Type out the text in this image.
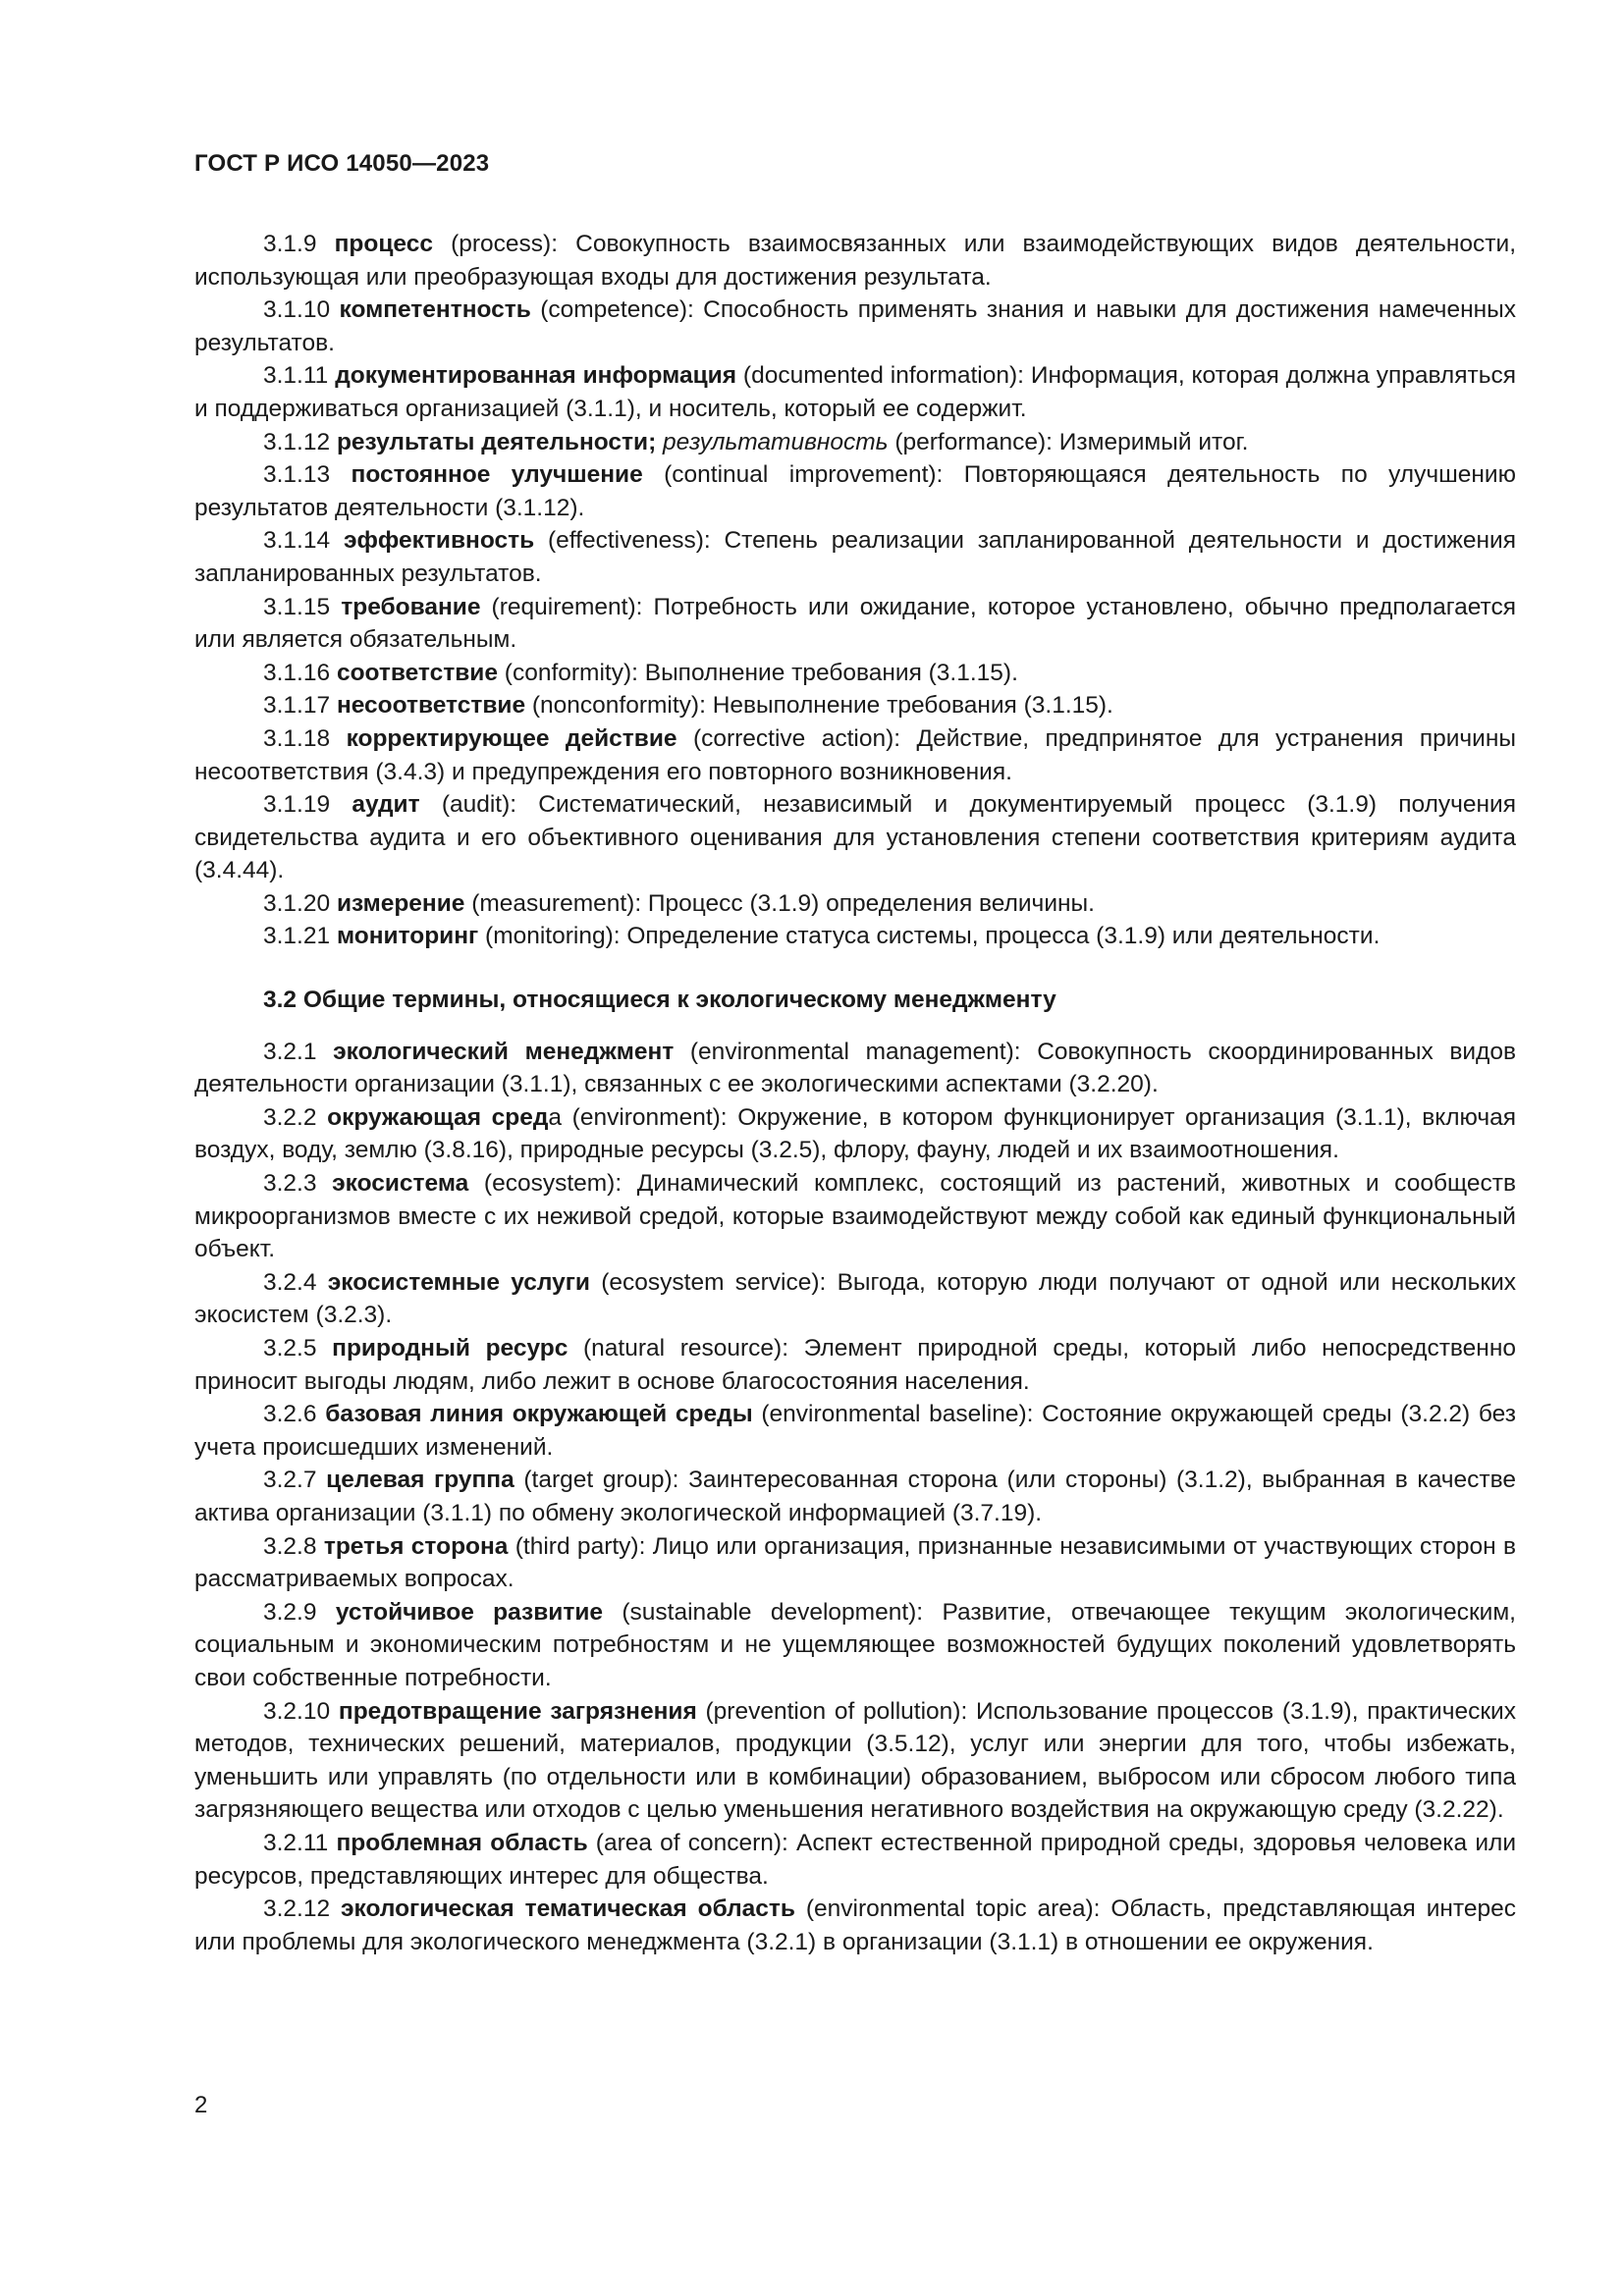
ГОСТ Р ИСО 14050—2023

3.1.9 процесс (process): Совокупность взаимосвязанных или взаимодействующих видов деятельности, использующая или преобразующая входы для достижения результата.

3.1.10 компетентность (competence): Способность применять знания и навыки для достижения намеченных результатов.

3.1.11 документированная информация (documented information): Информация, которая должна управляться и поддерживаться организацией (3.1.1), и носитель, который ее содержит.

3.1.12 результаты деятельности; результативность (performance): Измеримый итог.

3.1.13 постоянное улучшение (continual improvement): Повторяющаяся деятельность по улучшению результатов деятельности (3.1.12).

3.1.14 эффективность (effectiveness): Степень реализации запланированной деятельности и достижения запланированных результатов.

3.1.15 требование (requirement): Потребность или ожидание, которое установлено, обычно предполагается или является обязательным.

3.1.16 соответствие (conformity): Выполнение требования (3.1.15).

3.1.17 несоответствие (nonconformity): Невыполнение требования (3.1.15).

3.1.18 корректирующее действие (corrective action): Действие, предпринятое для устранения причины несоответствия (3.4.3) и предупреждения его повторного возникновения.

3.1.19 аудит (audit): Систематический, независимый и документируемый процесс (3.1.9) получения свидетельства аудита и его объективного оценивания для установления степени соответствия критериям аудита (3.4.44).

3.1.20 измерение (measurement): Процесс (3.1.9) определения величины.

3.1.21 мониторинг (monitoring): Определение статуса системы, процесса (3.1.9) или деятельности.

3.2 Общие термины, относящиеся к экологическому менеджменту

3.2.1 экологический менеджмент (environmental management): Совокупность скоординированных видов деятельности организации (3.1.1), связанных с ее экологическими аспектами (3.2.20).

3.2.2 окружающая среда (environment): Окружение, в котором функционирует организация (3.1.1), включая воздух, воду, землю (3.8.16), природные ресурсы (3.2.5), флору, фауну, людей и их взаимоотношения.

3.2.3 экосистема (ecosystem): Динамический комплекс, состоящий из растений, животных и сообществ микроорганизмов вместе с их неживой средой, которые взаимодействуют между собой как единый функциональный объект.

3.2.4 экосистемные услуги (ecosystem service): Выгода, которую люди получают от одной или нескольких экосистем (3.2.3).

3.2.5 природный ресурс (natural resource): Элемент природной среды, который либо непосредственно приносит выгоды людям, либо лежит в основе благосостояния населения.

3.2.6 базовая линия окружающей среды (environmental baseline): Состояние окружающей среды (3.2.2) без учета происшедших изменений.

3.2.7 целевая группа (target group): Заинтересованная сторона (или стороны) (3.1.2), выбранная в качестве актива организации (3.1.1) по обмену экологической информацией (3.7.19).

3.2.8 третья сторона (third party): Лицо или организация, признанные независимыми от участвующих сторон в рассматриваемых вопросах.

3.2.9 устойчивое развитие (sustainable development): Развитие, отвечающее текущим экологическим, социальным и экономическим потребностям и не ущемляющее возможностей будущих поколений удовлетворять свои собственные потребности.

3.2.10 предотвращение загрязнения (prevention of pollution): Использование процессов (3.1.9), практических методов, технических решений, материалов, продукции (3.5.12), услуг или энергии для того, чтобы избежать, уменьшить или управлять (по отдельности или в комбинации) образованием, выбросом или сбросом любого типа загрязняющего вещества или отходов с целью уменьшения негативного воздействия на окружающую среду (3.2.22).

3.2.11 проблемная область (area of concern): Аспект естественной природной среды, здоровья человека или ресурсов, представляющих интерес для общества.

3.2.12 экологическая тематическая область (environmental topic area): Область, представляющая интерес или проблемы для экологического менеджмента (3.2.1) в организации (3.1.1) в отношении ее окружения.

2
